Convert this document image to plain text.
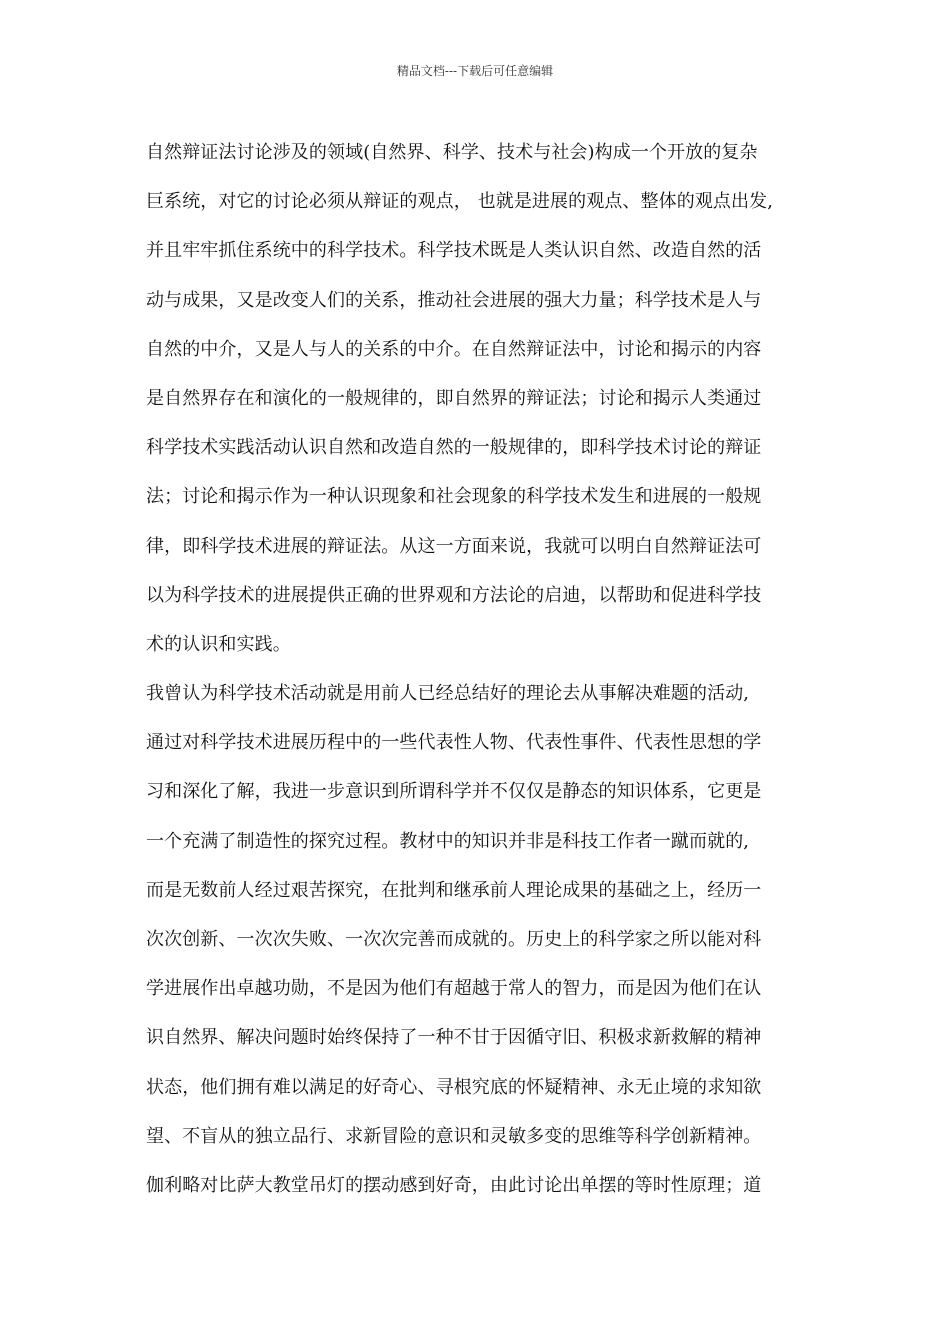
精品文档---下载后可任意编辑
自然辩证法讨论涉及的领域(自然界、科学、技术与社会)构成一个开放的复杂
巨系统，对它的讨论必须从辩证的观点， 也就是进展的观点、整体的观点出发,
并且牢牢抓住系统中的科学技术。科学技术既是人类认识自然、改造自然的活
动与成果，又是改变人们的关系，推动社会进展的强大力量；科学技术是人与
自然的中介，又是人与人的关系的中介。在自然辩证法中，讨论和揭示的内容
是自然界存在和演化的一般规律的，即自然界的辩证法；讨论和揭示人类通过
科学技术实践活动认识自然和改造自然的一般规律的，即科学技术讨论的辩证
法；讨论和揭示作为一种认识现象和社会现象的科学技术发生和进展的一般规
律，即科学技术进展的辩证法。从这一方面来说，我就可以明白自然辩证法可
以为科学技术的进展提供正确的世界观和方法论的启迪，以帮助和促进科学技
术的认识和实践。
我曾认为科学技术活动就是用前人已经总结好的理论去从事解决难题的活动,
通过对科学技术进展历程中的一些代表性人物、代表性事件、代表性思想的学
习和深化了解，我进一步意识到所谓科学并不仅仅是静态的知识体系，它更是
一个充满了制造性的探究过程。教材中的知识并非是科技工作者一蹴而就的,
而是无数前人经过艰苦探究，在批判和继承前人理论成果的基础之上，经历一
次次创新、一次次失败、一次次完善而成就的。历史上的科学家之所以能对科
学进展作出卓越功勋，不是因为他们有超越于常人的智力，而是因为他们在认
识自然界、解决问题时始终保持了一种不甘于因循守旧、积极求新救解的精神
状态，他们拥有难以满足的好奇心、寻根究底的怀疑精神、永无止境的求知欲
望、不盲从的独立品行、求新冒险的意识和灵敏多变的思维等科学创新精神。
伽利略对比萨大教堂吊灯的摆动感到好奇，由此讨论出单摆的等时性原理；道
